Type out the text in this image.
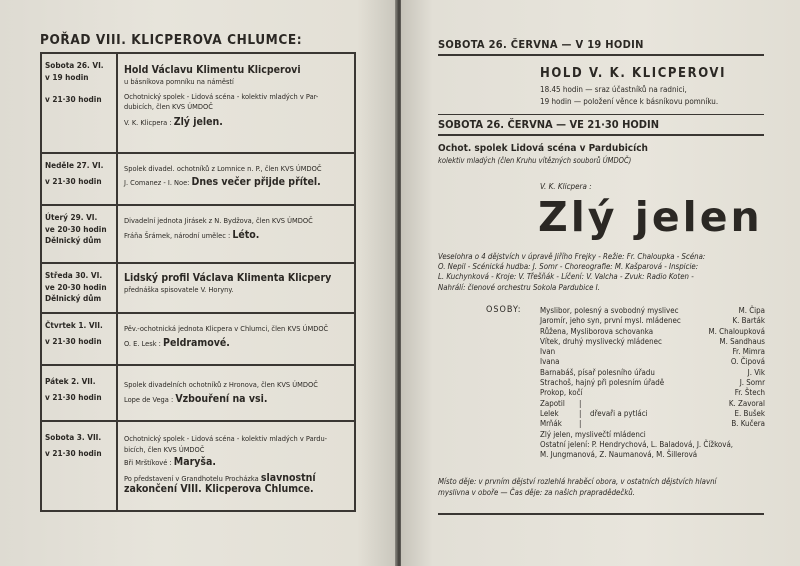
POŘAD VIII. KLICPEROVA CHLUMCE:
Sobota 26. VI.
v 19 hodin
v 21·30 hodin
Hold Václavu Klimentu Klicperovi
u básníkova pomníku na náměstí
Ochotnický spolek - Lidová scéna - kolektiv mladých v Par-
dubicích, člen KVS ÚMDOČ
V. K. Klicpera : Zlý jelen.
Neděle 27. VI.
v 21·30 hodin
Spolek divadel. ochotníků z Lomnice n. P., člen KVS ÚMDOČ
J. Comanez - I. Noe: Dnes večer přijde přítel.
Úterý 29. VI.
ve 20·30 hodin
Dělnický dům
Divadelní jednota Jirásek z N. Bydžova, člen KVS ÚMDOČ
Fráňa Šrámek, národní umělec : Léto.
Středa 30. VI.
ve 20·30 hodin
Dělnický dům
Lidský profil Václava Klimenta Klicpery
přednáška spisovatele V. Horyny.
Čtvrtek 1. VII.
v 21·30 hodin
Pěv.-ochotnická jednota Klicpera v Chlumci, člen KVS ÚMDOČ
O. E. Lesk : Peldramové.
Pátek 2. VII.
v 21·30 hodin
Spolek divadelních ochotníků z Hronova, člen KVS ÚMDOČ
Lope de Vega : Vzbouření na vsi.
Sobota 3. VII.
v 21·30 hodin
Ochotnický spolek - Lidová scéna - kolektiv mladých v Pardu-
bicích, člen KVS ÚMDOČ
Bři Mrštíkové : Maryša.
Po představení v Grandhotelu Procházka slavnostní
zakončení VIII. Klicperova Chlumce.
SOBOTA 26. ČERVNA — V 19 HODIN
HOLD V. K. KLICPEROVI
18.45 hodin — sraz účastníků na radnici,
19 hodin — položení věnce k básníkovu pomníku.
SOBOTA 26. ČERVNA — VE 21·30 HODIN
Ochot. spolek Lidová scéna v Pardubicích
kolektiv mladých (člen Kruhu vítězných souborů ÚMDOČ)
V. K. Klicpera :
Zlý jelen
Veselohra o 4 dějstvích v úpravě Jiřího Frejky - Režie: Fr. Chaloupka - Scéna:
O. Nepil - Scénická hudba: J. Somr - Choreografie: M. Kašparová - Inspicie:
L. Kuchynková - Kroje: V. Třešňák - Líčení: V. Valcha - Zvuk: Radio Koten -
Nahrálí: členové orchestru Sokola Pardubice I.
OSOBY: Myslibor, polesný a svobodný myslivec	M. Čipa
Jaromír, jeho syn, první mysl. mládenec	K. Barták
Růžena, Mysliborova schovanka	M. Chaloupková
Vítek, druhý myslivecký mládenec	M. Sandhaus
Ivan	Fr. Mimra
Ivana	O. Čipová
Barnabáš, písař polesního úřadu	J. Vik
Strachoš, hajný při polesním úřadě	J. Somr
Prokop, kočí	Fr. Štech
Zapotil |	K. Zavoral
Lelek	| dřevaři a pytláci	E. Bušek
Mrňák |	B. Kučera
Zlý jelen, myslivečtí mládenci
Ostatní jelení: P. Hendrychová, L. Baladová, J. Čížková,
M. Jungmanová, Z. Naumanová, M. Šillerová
Místo děje: v prvním dějství rozlehlá hraběcí obora, v ostatních dějstvích hlavní
myslivna v oboře — Čas děje: za našich prapradědečků.
